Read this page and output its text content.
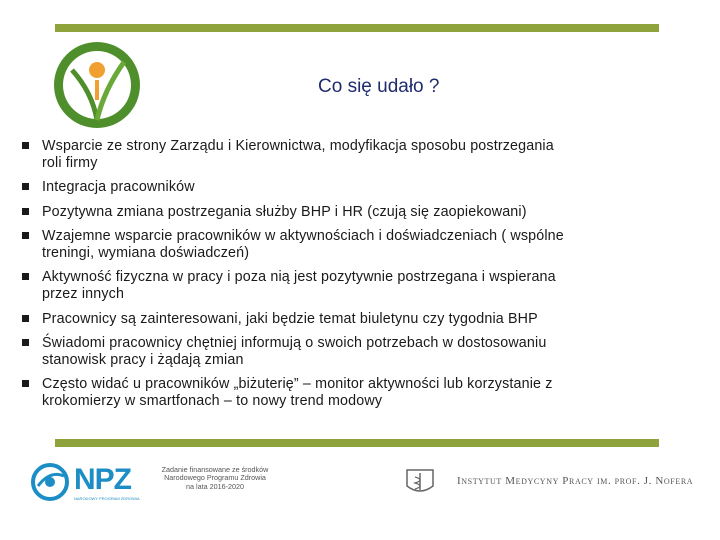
Co się udało ?
Wsparcie ze strony Zarządu i Kierownictwa, modyfikacja sposobu postrzegania
roli firmy
Integracja pracowników
Pozytywna zmiana postrzegania służby BHP i HR (czują się zaopiekowani)
Wzajemne wsparcie pracowników w aktywnościach i doświadczeniach ( wspólne
treningi, wymiana doświadczeń)
Aktywność fizyczna w pracy i poza nią jest pozytywnie postrzegana i wspierana
przez innych
Pracownicy są zainteresowani, jaki będzie temat biuletynu czy tygodnia BHP
Świadomi pracownicy chętniej informują o swoich potrzebach w dostosowaniu
stanowisk pracy i żądają zmian
Często widać u pracowników „biżuterię” – monitor aktywności lub korzystanie z
krokomierzy w smartfonach – to nowy trend modowy
NPZ
NARODOWY PROGRAM ZDROWIA
Zadanie finansowane ze środków
Narodowego Programu Zdrowia
na lata 2016-2020	Instytut Medycyny Pracy im. prof. J. Nofera
